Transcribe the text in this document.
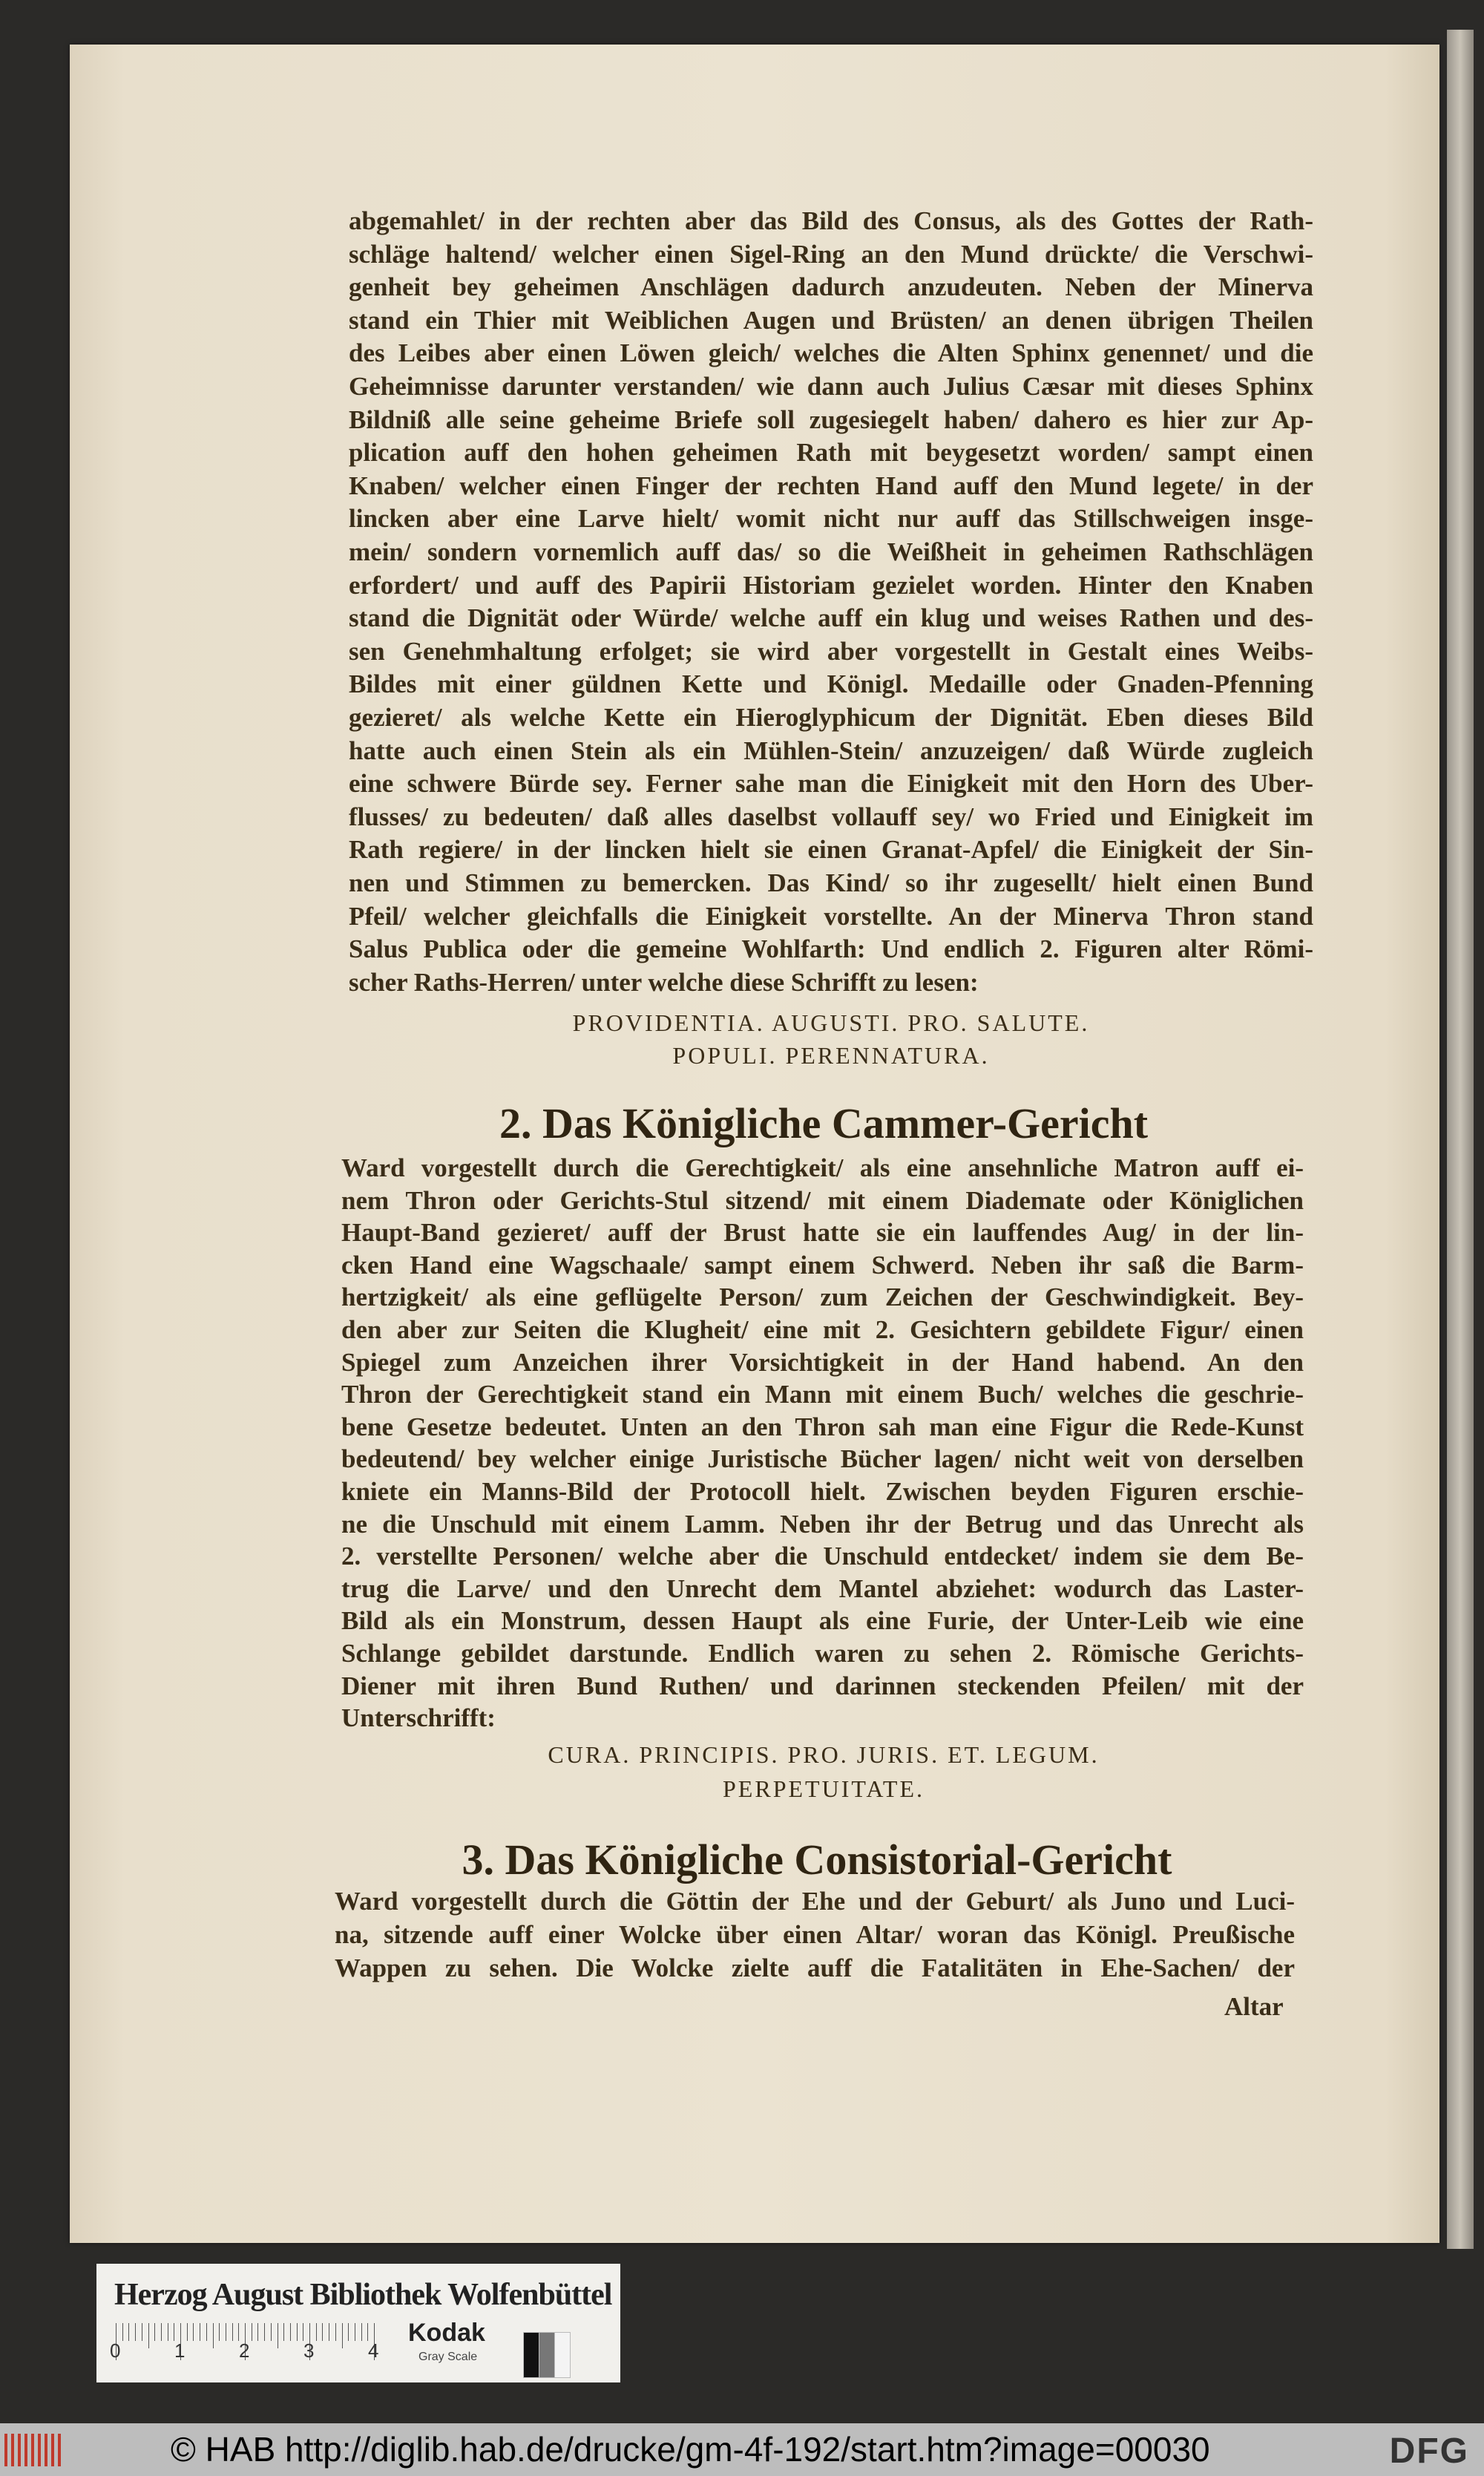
abgemahlet/ in der rechten aber das Bild des Consus, als des Gottes der Rath-
schläge haltend/ welcher einen Sigel-Ring an den Mund drückte/ die Verschwi-
genheit bey geheimen Anschlägen dadurch anzudeuten. Neben der Minerva
stand ein Thier mit Weiblichen Augen und Brüsten/ an denen übrigen Theilen
des Leibes aber einen Löwen gleich/ welches die Alten Sphinx genennet/ und die
Geheimnisse darunter verstanden/ wie dann auch Julius Cæsar mit dieses Sphinx
Bildniß alle seine geheime Briefe soll zugesiegelt haben/ dahero es hier zur Ap-
plication auff den hohen geheimen Rath mit beygesetzt worden/ sampt einen
Knaben/ welcher einen Finger der rechten Hand auff den Mund legete/ in der
lincken aber eine Larve hielt/ womit nicht nur auff das Stillschweigen insge-
mein/ sondern vornemlich auff das/ so die Weißheit in geheimen Rathschlägen
erfordert/ und auff des Papirii Historiam gezielet worden. Hinter den Knaben
stand die Dignität oder Würde/ welche auff ein klug und weises Rathen und des-
sen Genehmhaltung erfolget; sie wird aber vorgestellt in Gestalt eines Weibs-
Bildes mit einer güldnen Kette und Königl. Medaille oder Gnaden-Pfenning
gezieret/ als welche Kette ein Hieroglyphicum der Dignität. Eben dieses Bild
hatte auch einen Stein als ein Mühlen-Stein/ anzuzeigen/ daß Würde zugleich
eine schwere Bürde sey. Ferner sahe man die Einigkeit mit den Horn des Uber-
flusses/ zu bedeuten/ daß alles daselbst vollauff sey/ wo Fried und Einigkeit im
Rath regiere/ in der lincken hielt sie einen Granat-Apfel/ die Einigkeit der Sin-
nen und Stimmen zu bemercken. Das Kind/ so ihr zugesellt/ hielt einen Bund
Pfeil/ welcher gleichfalls die Einigkeit vorstellte. An der Minerva Thron stand
Salus Publica oder die gemeine Wohlfarth: Und endlich 2. Figuren alter Römi-
scher Raths-Herren/ unter welche diese Schrifft zu lesen:
PROVIDENTIA. AUGUSTI. PRO. SALUTE.
POPULI. PERENNATURA.
2. Das Königliche Cammer-Gericht
Ward vorgestellt durch die Gerechtigkeit/ als eine ansehnliche Matron auff ei-
nem Thron oder Gerichts-Stul sitzend/ mit einem Diademate oder Königlichen
Haupt-Band gezieret/ auff der Brust hatte sie ein lauffendes Aug/ in der lin-
cken Hand eine Wagschaale/ sampt einem Schwerd. Neben ihr saß die Barm-
hertzigkeit/ als eine geflügelte Person/ zum Zeichen der Geschwindigkeit. Bey-
den aber zur Seiten die Klugheit/ eine mit 2. Gesichtern gebildete Figur/ einen
Spiegel zum Anzeichen ihrer Vorsichtigkeit in der Hand habend. An den
Thron der Gerechtigkeit stand ein Mann mit einem Buch/ welches die geschrie-
bene Gesetze bedeutet. Unten an den Thron sah man eine Figur die Rede-Kunst
bedeutend/ bey welcher einige Juristische Bücher lagen/ nicht weit von derselben
kniete ein Manns-Bild der Protocoll hielt. Zwischen beyden Figuren erschie-
ne die Unschuld mit einem Lamm. Neben ihr der Betrug und das Unrecht als
2. verstellte Personen/ welche aber die Unschuld entdecket/ indem sie dem Be-
trug die Larve/ und den Unrecht dem Mantel abziehet: wodurch das Laster-
Bild als ein Monstrum, dessen Haupt als eine Furie, der Unter-Leib wie eine
Schlange gebildet darstunde. Endlich waren zu sehen 2. Römische Gerichts-
Diener mit ihren Bund Ruthen/ und darinnen steckenden Pfeilen/ mit der
Unterschrifft:
CURA. PRINCIPIS. PRO. JURIS. ET. LEGUM.
PERPETUITATE.
3. Das Königliche Consistorial-Gericht
Ward vorgestellt durch die Göttin der Ehe und der Geburt/ als Juno und Luci-
na, sitzende auff einer Wolcke über einen Altar/ woran das Königl. Preußische
Wappen zu sehen. Die Wolcke zielte auff die Fatalitäten in Ehe-Sachen/ der
Altar
Herzog August Bibliothek Wolfenbüttel
Kodak
Gray Scale
0	1	2	3	4
© HAB http://diglib.hab.de/drucke/gm-4f-192/start.htm?image=00030	DFG
